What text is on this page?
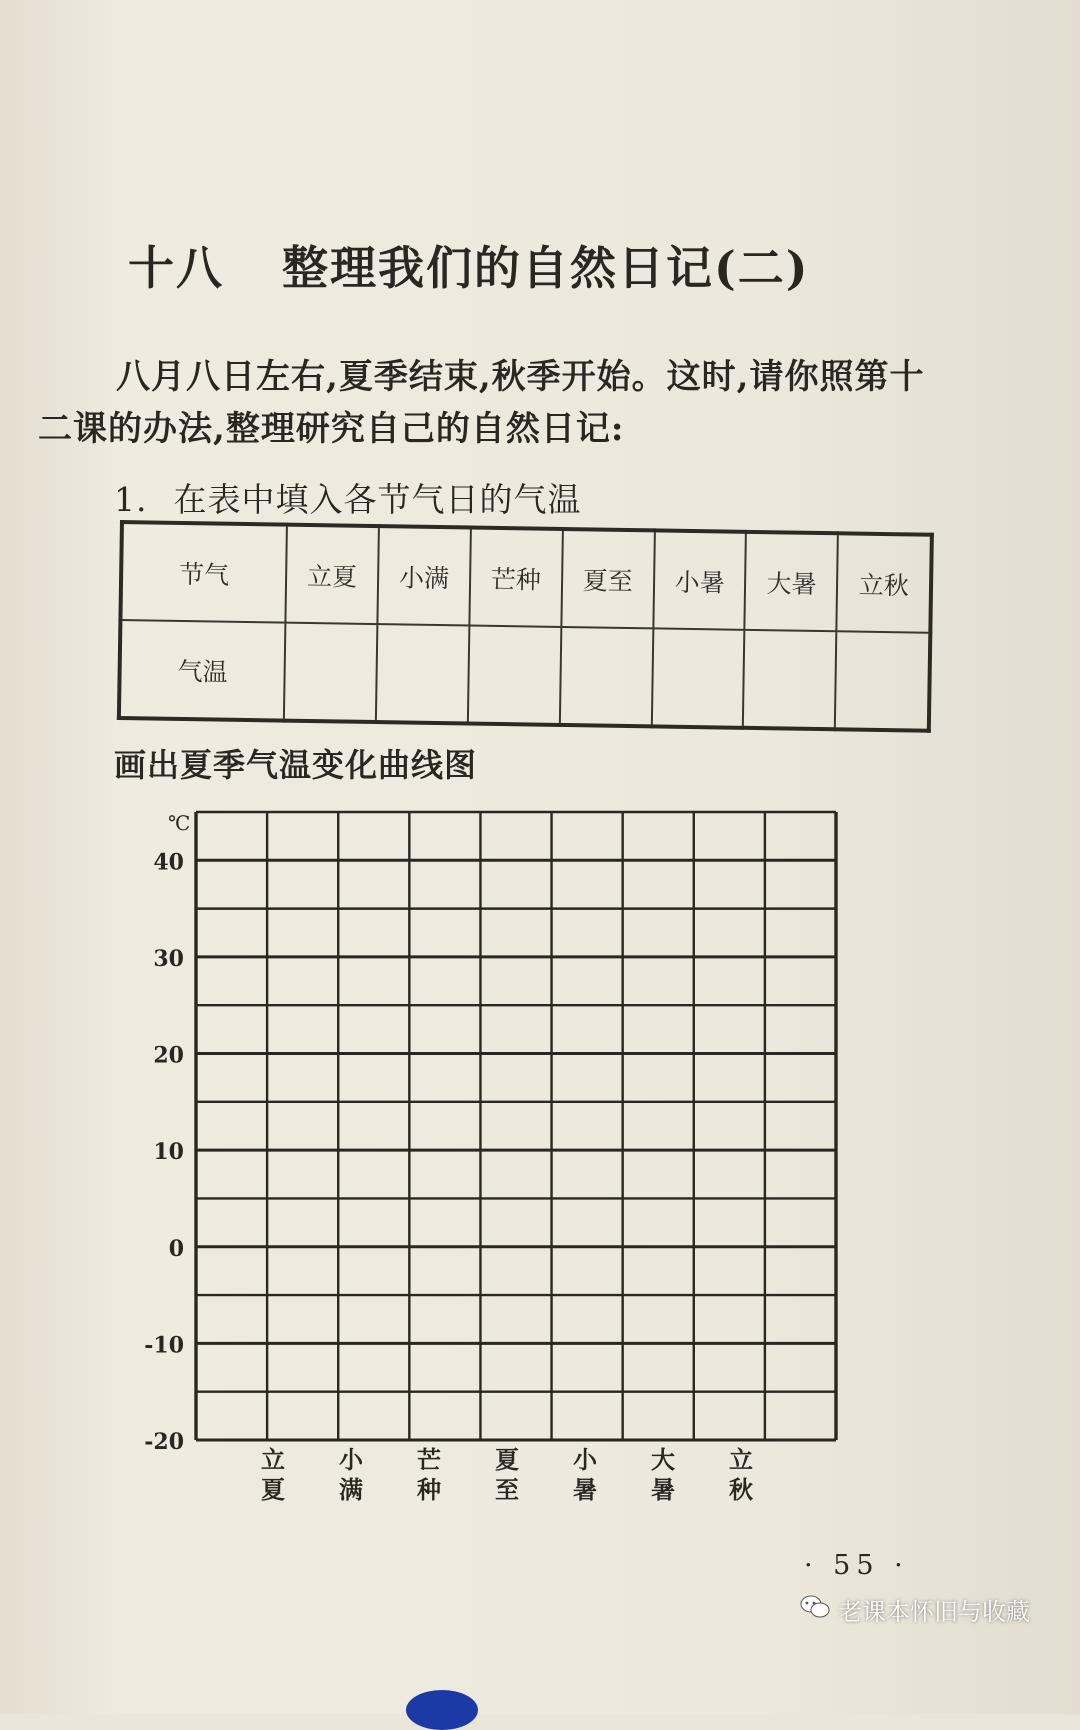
十八 整理我们的自然日记(二)
八月八日左右,夏季结束,秋季开始。这时,请你照第十二课的办法,整理研究自己的自然日记:
1. 在表中填入各节气日的气温
节气	立夏	小满	芒种	夏至	小暑	大暑	立秋
气温							
画出夏季气温变化曲线图
40
30
20
10
0
-10
-20
℃
立
夏
小
满
芒
种
夏
至
小
暑
大
暑
立
秋
· 55 ·
老课本怀旧与收藏
